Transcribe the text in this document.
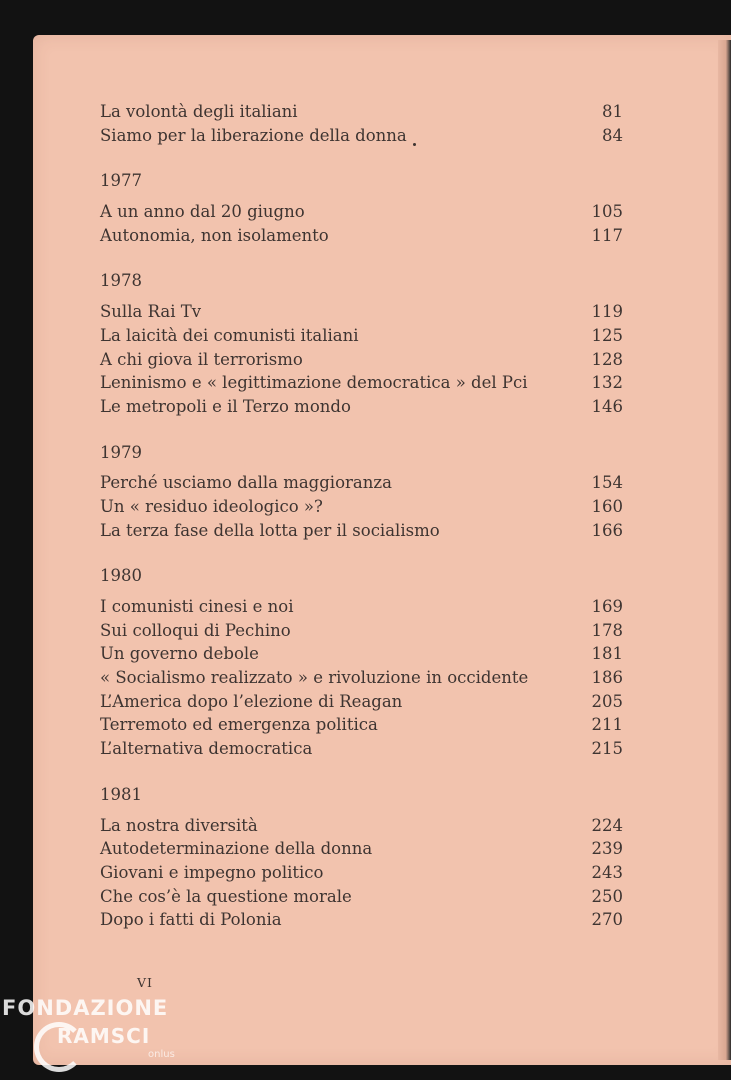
La volontà degli italiani	81
Siamo per la liberazione della donna	84
1977
A un anno dal 20 giugno	105
Autonomia, non isolamento	117
1978
Sulla Rai Tv	119
La laicità dei comunisti italiani	125
A chi giova il terrorismo	128
Leninismo e « legittimazione democratica » del Pci	132
Le metropoli e il Terzo mondo	146
1979
Perché usciamo dalla maggioranza	154
Un « residuo ideologico »?	160
La terza fase della lotta per il socialismo	166
1980
I comunisti cinesi e noi	169
Sui colloqui di Pechino	178
Un governo debole	181
« Socialismo realizzato » e rivoluzione in occidente	186
L’America dopo l’elezione di Reagan	205
Terremoto ed emergenza politica	211
L’alternativa democratica	215
1981
La nostra diversità	224
Autodeterminazione della donna	239
Giovani e impegno politico	243
Che cos’è la questione morale	250
Dopo i fatti di Polonia	270
VI
FONDAZIONE
RAMSCI
onlus
